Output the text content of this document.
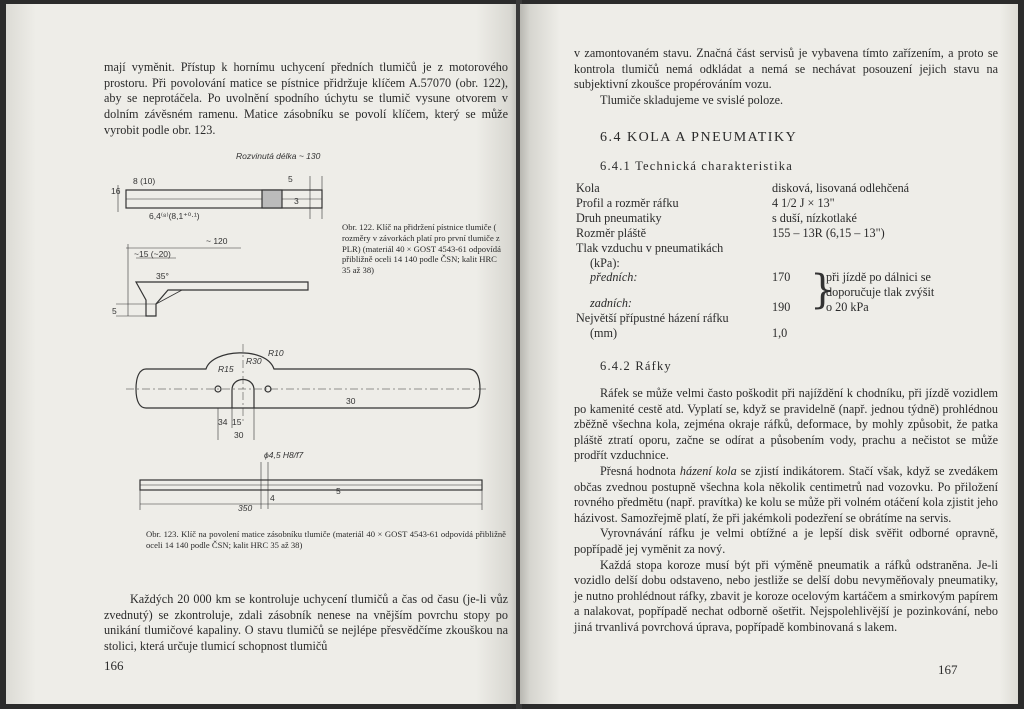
mají vyměnit. Přístup k hornímu uchycení předních tlumičů je z motorového prostoru. Při povolování matice se pístnice přidržuje klíčem A.57070 (obr. 122), aby se neprotáčela. Po uvolnění spodního úchytu se tlumič vysune otvorem v dolním závěsném ramenu. Matice zásobníku se povolí klíčem, který se může vyrobit podle obr. 123.

Rozvinutá délka ~ 130
8 (10)	5
6,4⁽⁸⁾(8,1⁺⁰·¹)
~ 120
~15 (~20)
35°
5
3
16
R10
R15
R30
15
34
30
ϕ4,5 H8/f7
350
30
5
4
Obr. 122. Klíč na přidržení pístnice tlumiče ( rozměry v závorkách platí pro první tlumiče z PLR) (materiál 40 × GOST 4543-61 odpovídá přibližně oceli 14 140 podle ČSN; kalit HRC 35 až 38)
Obr. 123. Klíč na povolení matice zásobníku tlumiče (materiál 40 × GOST 4543-61 odpovídá přibližně oceli 14 140 podle ČSN; kalit HRC 35 až 38)

Každých 20 000 km se kontroluje uchycení tlumičů a čas od času (je-li vůz zvednutý) se zkontroluje, zdali zásobník nenese na vnějším povrchu stopy po unikání tlumičové kapaliny. O stavu tlumičů se nejlépe přesvědčíme zkouškou na stolici, která určuje tlumicí schopnost tlumičů

166

v zamontovaném stavu. Značná část servisů je vybavena tímto zařízením, a proto se kontrola tlumičů nemá odkládat a nemá se nechávat posouzení jejich stavu na subjektivní zkoušce propérováním vozu.

Tlumiče skladujeme ve svislé poloze.

6.4 KOLA A PNEUMATIKY
6.4.1 Technická charakteristika
Kola	disková, lisovaná odlehčená
Profil a rozměr ráfku	4 1/2 J × 13"
Druh pneumatiky	s duší, nízkotlaké
Rozměr pláště	155 – 13R (6,15 – 13")
Tlak vzduchu v pneumatikách
(kPa):
předních:	170 }
při jízdě po dálnici se
doporučuje tlak zvýšit
o 20 kPa
zadních:	190
Největší přípustné házení ráfku
(mm)	1,0
6.4.2 Ráfky
Ráfek se může velmi často poškodit při najíždění k chodníku, při jízdě vozidlem po kamenité cestě atd. Vyplatí se, když se pravidelně (např. jednou týdně) prohlédnou zběžně všechna kola, zejména okraje ráfků, deformace, by mohly způsobit, že patka pláště ztratí oporu, začne se odírat a působením vody, prachu a nečistot se může prodřít vzduchnice.
Přesná hodnota házení kola se zjistí indikátorem. Stačí však, když se zvedákem občas zvednou postupně všechna kola několik centimetrů nad vozovku. Po přiložení rovného předmětu (např. pravítka) ke kolu se může při volném otáčení kola zjistit jeho házivost. Samozřejmě platí, že při jakémkoli podezření se obrátíme na servis.
Vyrovnávání ráfku je velmi obtížné a je lepší disk svěřit odborné opravně, popřípadě jej vyměnit za nový.
Každá stopa koroze musí být při výměně pneumatik a ráfků odstraněna. Je-li vozidlo delší dobu odstaveno, nebo jestliže se delší dobu nevyměňovaly pneumatiky, je nutno prohlédnout ráfky, zbavit je koroze ocelovým kartáčem a smirkovým papírem a nalakovat, popřípadě nechat odborně ošetřit. Nejspolehlivější je pozinkování, nebo jiná trvanlivá povrchová úprava, popřípadě kombinovaná s lakem.
167
